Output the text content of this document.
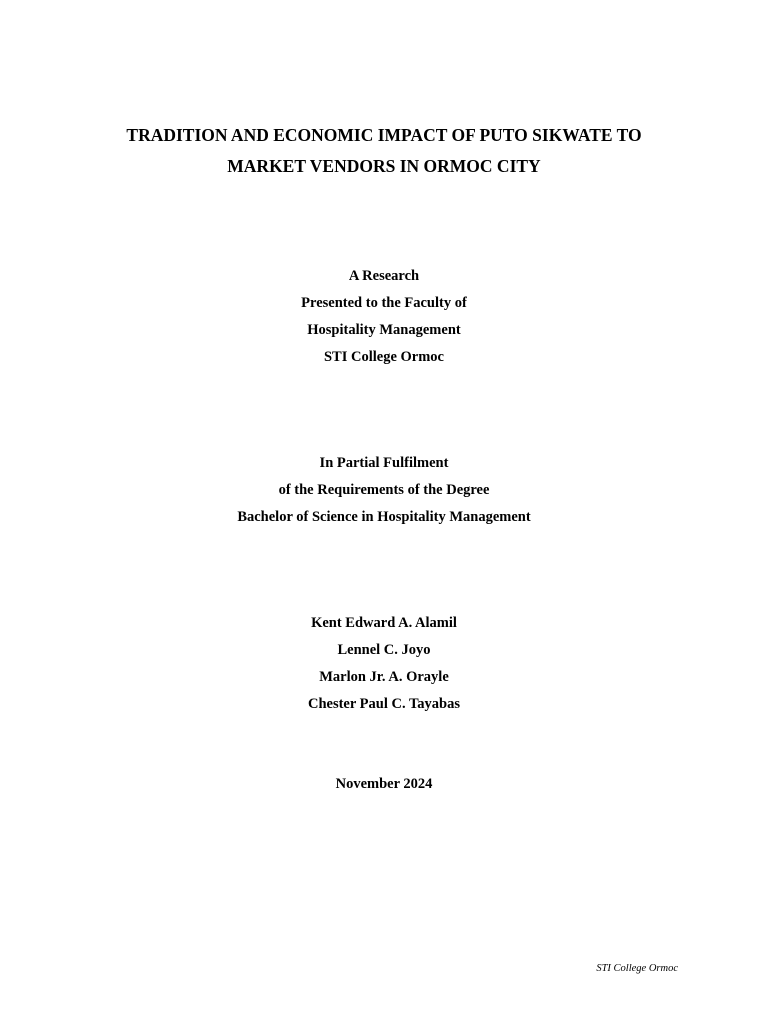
TRADITION AND ECONOMIC IMPACT OF PUTO SIKWATE TO
MARKET VENDORS IN ORMOC CITY
A Research
Presented to the Faculty of
Hospitality Management
STI College Ormoc
In Partial Fulfilment
of the Requirements of the Degree
Bachelor of Science in Hospitality Management
Kent Edward A. Alamil
Lennel C. Joyo
Marlon Jr. A. Orayle
Chester Paul C. Tayabas
November 2024
STI College Ormoc
